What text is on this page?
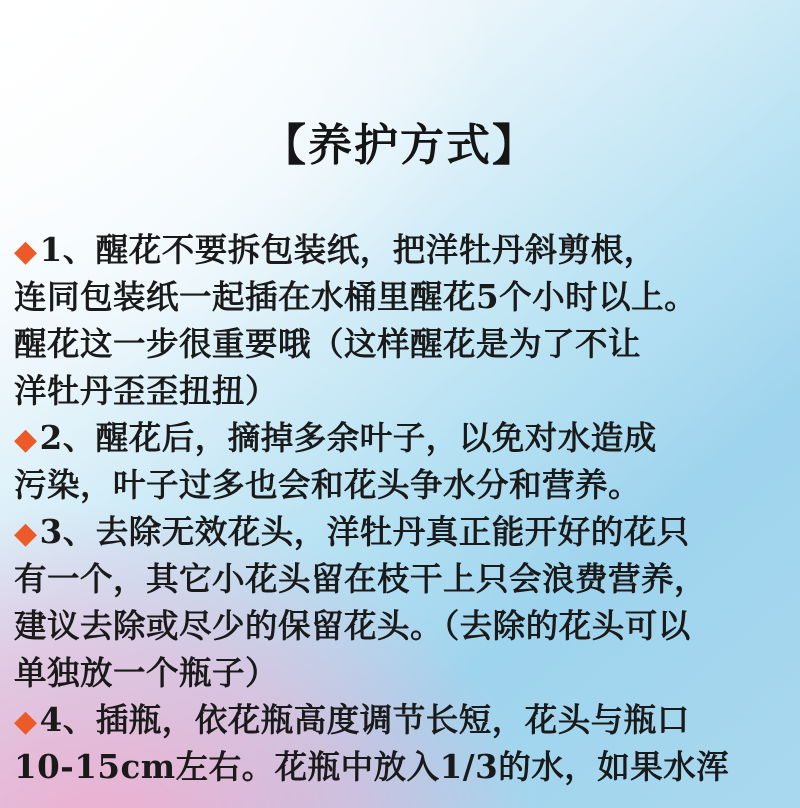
【养护方式】
◆1、醒花不要拆包装纸，把洋牡丹斜剪根，
连同包装纸一起插在水桶里醒花5个小时以上。
醒花这一步很重要哦（这样醒花是为了不让
洋牡丹歪歪扭扭）
◆2、醒花后，摘掉多余叶子，以免对水造成
污染，叶子过多也会和花头争水分和营养。
◆3、去除无效花头，洋牡丹真正能开好的花只
有一个，其它小花头留在枝干上只会浪费营养，
建议去除或尽少的保留花头。（去除的花头可以
单独放一个瓶子）
◆4、插瓶，依花瓶高度调节长短，花头与瓶口
10-15cm左右。花瓶中放入1/3的水，如果水浑
